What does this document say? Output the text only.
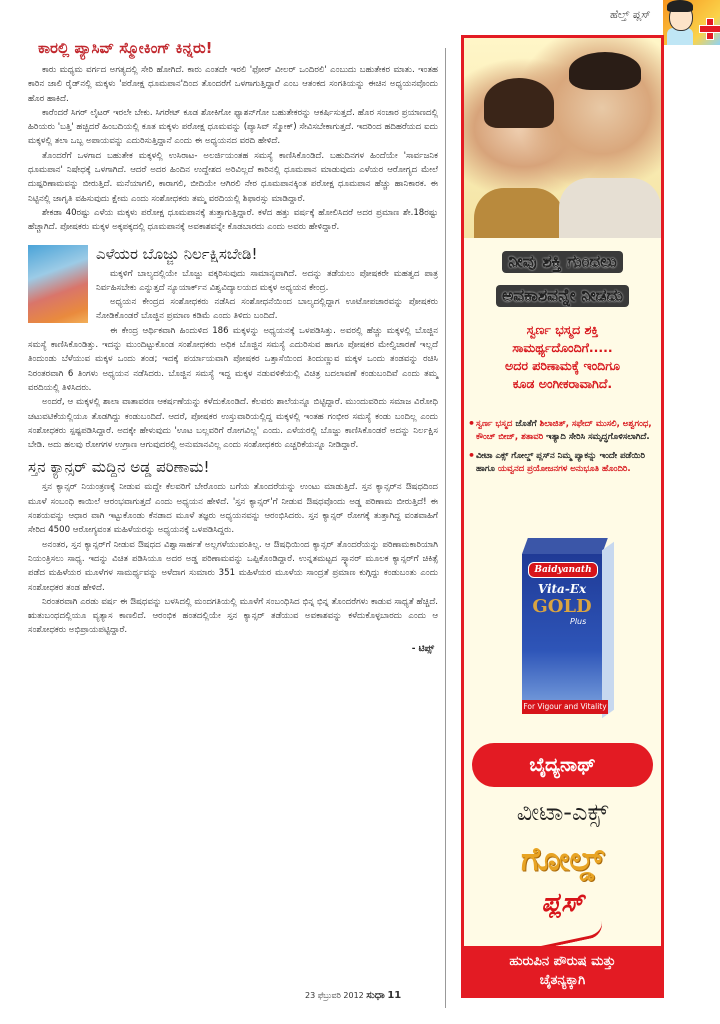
ಹೆಲ್ತ್ ಪ್ಲಸ್
ಕಾರಲ್ಲಿ ಪ್ಯಾಸಿವ್ ಸ್ಮೋಕಿಂಗ್ ಕಿನ್ನರು!

ಕಾರು ಮಧ್ಯಮ ವರ್ಗದ ಅಗತ್ಯದಲ್ಲಿ ಸೇರಿ ಹೋಗಿದೆ. ಕಾರು ಎಂತದೇ ಇರಲಿ 'ಫೋರ್ ವೀಲರ್ ಒಂದಿರಲಿ' ಎಂಬುದು ಬಹುತೇಕರ ಮಾತು. ಇಂತಹ ಕಾರಿನ ಜಾಲಿ ರೈಡ್‌ನಲ್ಲಿ ಮಕ್ಕಳು 'ಪರೋಕ್ಷ ಧೂಮಪಾನ'ದಿಂದ ತೊಂದರೆಗೆ ಒಳಗಾಗುತ್ತಿದ್ದಾರೆ ಎಂಬ ಆತಂಕದ ಸಂಗತಿಯನ್ನು ಈಚಿನ ಅಧ್ಯಯನವೊಂದು ಹೊರ ಹಾಕಿದೆ.

ಕಾರೆಂದರೆ ಸಿಗರ್ ಲೈಟರ್ ಇರಲೇ ಬೇಕು. ಸಿಗರೇಟ್ ಕೂಡ ಶೋಕಿಗೋ ಫ್ಯಾಶನ್‌ಗೋ ಬಹುತೇಕರನ್ನು ಆಕರ್ಷಿಸುತ್ತದೆ. ಹೊರ ಸಂಚಾರ ಪ್ರಯಾಣದಲ್ಲಿ ಹಿರಿಯರು 'ಬತ್ತಿ' ಹಚ್ಚಿದರೆ ಹಿಂಬದಿಯಲ್ಲಿ ಕೂತ ಮಕ್ಕಳು ಪರೋಕ್ಷ ಧೂಮವನ್ನು (ಪ್ಯಾಸಿವ್ ಸ್ಮೋಕ್) ಸೇವಿಸಬೇಕಾಗುತ್ತದೆ. ಇದರಿಂದ ಹದಿಹರೆಯದ ಐದು ಮಕ್ಕಳಲ್ಲಿ ತಲಾ ಒಬ್ಬ ಅಪಾಯವನ್ನು ಎದುರಿಸುತ್ತಿದ್ದಾನೆ ಎಂದು ಈ ಅಧ್ಯಯನದ ವರದಿ ಹೇಳಿದೆ.

ತೊಂದರೆಗೆ ಒಳಗಾದ ಬಹುತೇಕ ಮಕ್ಕಳಲ್ಲಿ ಉಸಿರಾಟ- ಅಲರ್ಜಿಯಂತಹ ಸಮಸ್ಯೆ ಕಾಣಿಸಿಕೊಂಡಿದೆ. ಬಹುದಿನಗಳ ಹಿಂದೆಯೇ 'ಸಾರ್ವಜನಿಕ ಧೂಮಪಾನ' ನಿಷೇಧಕ್ಕೆ ಒಳಗಾಗಿದೆ. ಆದರೆ ಅದರ ಹಿಂದಿನ ಉದ್ದೇಶದ ಅರಿವಿಲ್ಲದೆ ಕಾರಿನಲ್ಲಿ ಧೂಮಪಾನ ಮಾಡುವುದು ಎಳೆಯರ ಆರೋಗ್ಯದ ಮೇಲೆ ದುಷ್ಪರಿಣಾಮವನ್ನು ಬೀರುತ್ತಿದೆ. ಮನೆಯಾಗಲಿ, ಕಾರಾಗಲಿ, ಬೀದಿಯೇ ಆಗಿರಲಿ ನೇರ ಧೂಮಪಾನಕ್ಕಿಂತ ಪರೋಕ್ಷ ಧೂಮಪಾನ ಹೆಚ್ಚು ಹಾನಿಕಾರಕ. ಈ ನಿಟ್ಟಿನಲ್ಲಿ ಜಾಗೃತಿ ವಹಿಸುವುದು ಕ್ಷೇಮ ಎಂದು ಸಂಶೋಧಕರು ತಮ್ಮ ವರದಿಯಲ್ಲಿ ಶಿಫಾರಸ್ಸು ಮಾಡಿದ್ದಾರೆ.

ಶೇಕಡಾ 40ರಷ್ಟು ಎಳೆಯ ಮಕ್ಕಳು ಪರೋಕ್ಷ ಧೂಮಪಾನಕ್ಕೆ ತುತ್ತಾಗುತ್ತಿದ್ದಾರೆ. ಕಳೆದ ಹತ್ತು ವರ್ಷಕ್ಕೆ ಹೋಲಿಸಿದರೆ ಅದರ ಪ್ರಮಾಣ ಶೇ.18ರಷ್ಟು ಹೆಚ್ಚಾಗಿದೆ. ಪೋಷಕರು ಮಕ್ಕಳ ಅಕ್ಕಪಕ್ಕದಲ್ಲಿ ಧೂಮಪಾನಕ್ಕೆ ಅವಕಾಶವನ್ನೇ ಕೊಡಬಾರದು ಎಂದು ಅವರು ಹೇಳಿದ್ದಾರೆ.

ಎಳೆಯರ ಬೊಜ್ಜು ನಿರ್ಲಕ್ಷಿಸಬೇಡಿ!

ಮಕ್ಕಳಿಗೆ ಬಾಲ್ಯದಲ್ಲಿಯೇ ಬೊಜ್ಜು ವಕ್ಕರಿಸುವುದು ಸಾಮಾನ್ಯವಾಗಿದೆ. ಅದನ್ನು ತಡೆಯಲು ಪೋಷಕರೇ ಮಹತ್ವದ ಪಾತ್ರ ನಿರ್ವಹಿಸಬೇಕು ಎನ್ನುತ್ತದೆ ನ್ಯೂಯಾರ್ಕ್‌ನ ವಿಶ್ವವಿದ್ಯಾಲಯದ ಮಕ್ಕಳ ಅಧ್ಯಯನ ಕೇಂದ್ರ.

ಅಧ್ಯಯನ ಕೇಂದ್ರದ ಸಂಶೋಧಕರು ನಡೆಸಿದ ಸಂಶೋಧನೆಯಿಂದ ಬಾಲ್ಯದಲ್ಲಿದ್ದಾಗ ಊಟೋಪಚಾರವನ್ನು ಪೋಷಕರು ನೋಡಿಕೊಂಡರೆ ಬೊಜ್ಜಿನ ಪ್ರಮಾಣ ಕಡಿಮೆ ಎಂದು ತಿಳಿದು ಬಂದಿದೆ.

ಈ ಕೇಂದ್ರ ಆರ್ಥಿಕವಾಗಿ ಹಿಂದುಳಿದ 186 ಮಕ್ಕಳನ್ನು ಅಧ್ಯಯನಕ್ಕೆ ಒಳಪಡಿಸಿತ್ತು. ಅವರಲ್ಲಿ ಹೆಚ್ಚು ಮಕ್ಕಳಲ್ಲಿ ಬೊಜ್ಜಿನ ಸಮಸ್ಯೆ ಕಾಣಿಸಿಕೊಂಡಿತ್ತು. ಇದನ್ನು ಮುಂದಿಟ್ಟುಕೊಂಡ ಸಂಶೋಧಕರು ಅಧಿಕ ಬೊಜ್ಜಿನ ಸಮಸ್ಯೆ ಎದುರಿಸುವ ಹಾಗೂ ಪೋಷಕರ ಮೇಲ್ವಿಚಾರಣೆ ಇಲ್ಲದೆ ತಿಂದುಂಡು ಬೆಳೆಯುವ ಮಕ್ಕಳ ಒಂದು ತಂಡ; ಇದಕ್ಕೆ ಪರ್ಯಾಯವಾಗಿ ಪೋಷಕರ ಒತ್ತಾಸೆಯಿಂದ ತಿಂದುಣ್ಣುವ ಮಕ್ಕಳ ಒಂದು ತಂಡವನ್ನು ರಚಿಸಿ ನಿರಂತರವಾಗಿ 6 ತಿಂಗಳು ಅಧ್ಯಯನ ನಡೆಸಿದರು. ಬೊಜ್ಜಿನ ಸಮಸ್ಯೆ ಇದ್ದ ಮಕ್ಕಳ ನಡುವಳಿಕೆಯಲ್ಲಿ ವಿಚಿತ್ರ ಬದಲಾವಣೆ ಕಂಡುಬಂದಿವೆ ಎಂದು ತಮ್ಮ ವರದಿಯಲ್ಲಿ ತಿಳಿಸಿದರು.

ಅಂದರೆ, ಆ ಮಕ್ಕಳಲ್ಲಿ ಶಾಲಾ ವಾತಾವರಣ ಆಕರ್ಷಣೆಯನ್ನು ಕಳೆದುಕೊಂಡಿದೆ. ಕೆಲವರು ಶಾಲೆಯನ್ನೂ ಬಿಟ್ಟಿದ್ದಾರೆ. ಮುಂದುವರಿದು ಸಮಾಜ ವಿರೋಧಿ ಚಟುವಟಿಕೆಯಲ್ಲಿಯೂ ತೊಡಗಿದ್ದು ಕಂಡುಬಂದಿದೆ. ಆದರೆ, ಪೋಷಕರ ಉಸ್ತುವಾರಿಯಲ್ಲಿದ್ದ ಮಕ್ಕಳಲ್ಲಿ ಇಂತಹ ಗಂಭೀರ ಸಮಸ್ಯೆ ಕಂಡು ಬಂದಿಲ್ಲ ಎಂದು ಸಂಶೋಧಕರು ಸ್ಪಷ್ಟಪಡಿಸಿದ್ದಾರೆ. ಅದಕ್ಕೇ ಹೇಳುವುದು 'ಊಟ ಬಲ್ಲವರಿಗೆ ರೋಗವಿಲ್ಲ' ಎಂದು. ಎಳೆಯರಲ್ಲಿ ಬೊಜ್ಜು ಕಾಣಿಸಿಕೊಂಡರೆ ಅದನ್ನು ನಿರ್ಲಕ್ಷಿಸ ಬೇಡಿ. ಅದು ಹಲವು ರೋಗಗಳ ಉಗ್ರಾಣ ಆಗುವುದರಲ್ಲಿ ಅನುಮಾನವಿಲ್ಲ ಎಂದು ಸಂಶೋಧಕರು ಎಚ್ಚರಿಕೆಯನ್ನೂ ನೀಡಿದ್ದಾರೆ.

ಸ್ತನ ಕ್ಯಾನ್ಸರ್ ಮದ್ದಿನ ಅಡ್ಡ ಪರಿಣಾಮ!

ಸ್ತನ ಕ್ಯಾನ್ಸರ್ ನಿಯಂತ್ರಣಕ್ಕೆ ನೀಡುವ ಮದ್ದೇ ಕೆಲವರಿಗೆ ಬೇರೊಂದು ಬಗೆಯ ತೊಂದರೆಯನ್ನು ಉಂಟು ಮಾಡುತ್ತಿದೆ. ಸ್ತನ ಕ್ಯಾನ್ಸರ್‌ನ ಔಷಧದಿಂದ ಮೂಳೆ ಸಂಬಂಧಿ ಕಾಯಿಲೆ ಆರಂಭವಾಗುತ್ತದೆ ಎಂದು ಅಧ್ಯಯನ ಹೇಳಿದೆ. 'ಸ್ತನ ಕ್ಯಾನ್ಸರ್'ಗೆ ನೀಡುವ ಔಷಧವೊಂದು ಅಡ್ಡ ಪರಿಣಾಮ ಬೀರುತ್ತಿದೆ! ಈ ಸಂಶಯವನ್ನು ಆಧಾರ ವಾಗಿ ಇಟ್ಟುಕೊಂಡು ಕೆನಡಾದ ಮೂಳೆ ತಜ್ಞರು ಅಧ್ಯಯನವನ್ನು ಆರಂಭಿಸಿದರು. ಸ್ತನ ಕ್ಯಾನ್ಸರ್ ರೋಗಕ್ಕೆ ತುತ್ತಾಗಿದ್ದ ವಂಶವಾಹಿಗೆ ಸೇರಿದ 4500 ಆರೋಗ್ಯವಂತ ಮಹಿಳೆಯರನ್ನು ಅಧ್ಯಯನಕ್ಕೆ ಒಳಪಡಿಸಿದ್ದರು.

ಅನಂತರ, ಸ್ತನ ಕ್ಯಾನ್ಸರ್‌ಗೆ ನೀಡುವ ಔಷಧದ ವಿಶ್ವಾಸಾರ್ಹತೆ ಅಲ್ಲಗಳೆಯುವಂತಿಲ್ಲ. ಆ ಔಷಧಿಯಿಂದ ಕ್ಯಾನ್ಸರ್ ತೊಂದರೆಯನ್ನು ಪರಿಣಾಮಕಾರಿಯಾಗಿ ನಿಯಂತ್ರಿಸಲು ಸಾಧ್ಯ. ಇದನ್ನು ವಿಚಿತ ಪಡಿಸಿಯೂ ಅದರ ಅಡ್ಡ ಪರಿಣಾಮವನ್ನು ಒಪ್ಪಿಕೊಂಡಿದ್ದಾರೆ. ಉನ್ನತಮಟ್ಟದ ಸ್ಕ್ಯಾನರ್ ಮೂಲಕ ಕ್ಯಾನ್ಸರ್‌ಗೆ ಚಿಕಿತ್ಸೆ ಪಡೆದ ಮಹಿಳೆಯರ ಮೂಳೆಗಳ ಸಾಮರ್ಥ್ಯವನ್ನು ಅಳೆದಾಗ ಸುಮಾರು 351 ಮಹಿಳೆಯರ ಮೂಳೆಯ ಸಾಂದ್ರತೆ ಪ್ರಮಾಣ ಕುಗ್ಗಿದ್ದು ಕಂಡುಬಂತು ಎಂದು ಸಂಶೋಧಕರ ತಂಡ ಹೇಳಿದೆ.

ನಿರಂತರವಾಗಿ ಎರಡು ವರ್ಷ ಈ ಔಷಧವನ್ನು ಬಳಸಿದಲ್ಲಿ ಮಂದಗತಿಯಲ್ಲಿ ಮೂಳೆಗೆ ಸಂಬಂಧಿಸಿದ ಭಿನ್ನ ಭಿನ್ನ ತೊಂದರೆಗಳು ಕಾಡುವ ಸಾಧ್ಯತೆ ಹೆಚ್ಚಿದೆ. ಋತುಬಂಧದಲ್ಲಿಯೂ ವ್ಯತ್ಯಾಸ ಕಾಣಲಿದೆ. ಆರಂಭಿಕ ಹಂತದಲ್ಲಿಯೇ ಸ್ತನ ಕ್ಯಾನ್ಸರ್ ತಡೆಯುವ ಅವಕಾಶವನ್ನು ಕಳೆದುಕೊಳ್ಳಬಾರದು ಎಂದು ಆ ಸಂಶೋಧಕರು ಅಭಿಪ್ರಾಯಪಟ್ಟಿದ್ದಾರೆ.

- ಟಿಪ್ಸ್
23 ಫೆಬ್ರುವರಿ 2012 ಸುಧಾ 11
ನೀವು ಶಕ್ತಿ ಗುಂದಲು
ಅವಕಾಶವನ್ನೇ ನೀಡದು
ಸ್ವರ್ಣ ಭಸ್ಮದ ಶಕ್ತಿ
ಸಾಮರ್ಥ್ಯದೊಂದಿಗೆ.....
ಅದರ ಪರಿಣಾಮಕ್ಕೆ ಇಂದಿಗೂ
ಕೂಡ ಅಂಗೀಕರಾವಾಗಿದೆ.
• ಸ್ವರ್ಣ ಭಸ್ಮದ ಜೊತೆಗೆ ಶಿಲಾಜಿತ್, ಸಫೇದ್ ಮುಸಲಿ, ಅಶ್ವಗಂಧ, ಕೌಂಚ್ ಬೀಜ್, ಶತಾವರಿ ಇತ್ಯಾದಿ ಸೇರಿಸಿ ಸಮೃದ್ಧಗೊಳಿಸಲಾಗಿದೆ.
• ವೀಟಾ ಎಕ್ಸ್ ಗೋಲ್ಡ್ ಪ್ಲಸ್‌ನ ನಿಮ್ಮ ಪ್ಯಾಕನ್ನು ಇಂದೇ ಪಡೆಯಿರಿ ಹಾಗೂ ಯವ್ವನದ ಪ್ರಯೋಜನಗಳ ಅನುಭೂತಿ ಹೊಂದಿರಿ.
Baidyanath
Vita-Ex
GOLD
Plus
For Vigour and Vitality
ಬೈದ್ಯನಾಥ್
ವೀಟಾ-ಎಕ್ಸ್
ಗೋಲ್ಡ್
ಪ್ಲಸ್
ಹುರುಪಿನ ಪೌರುಷ ಮತ್ತು
ಚೈತನ್ಯಕ್ಕಾಗಿ
